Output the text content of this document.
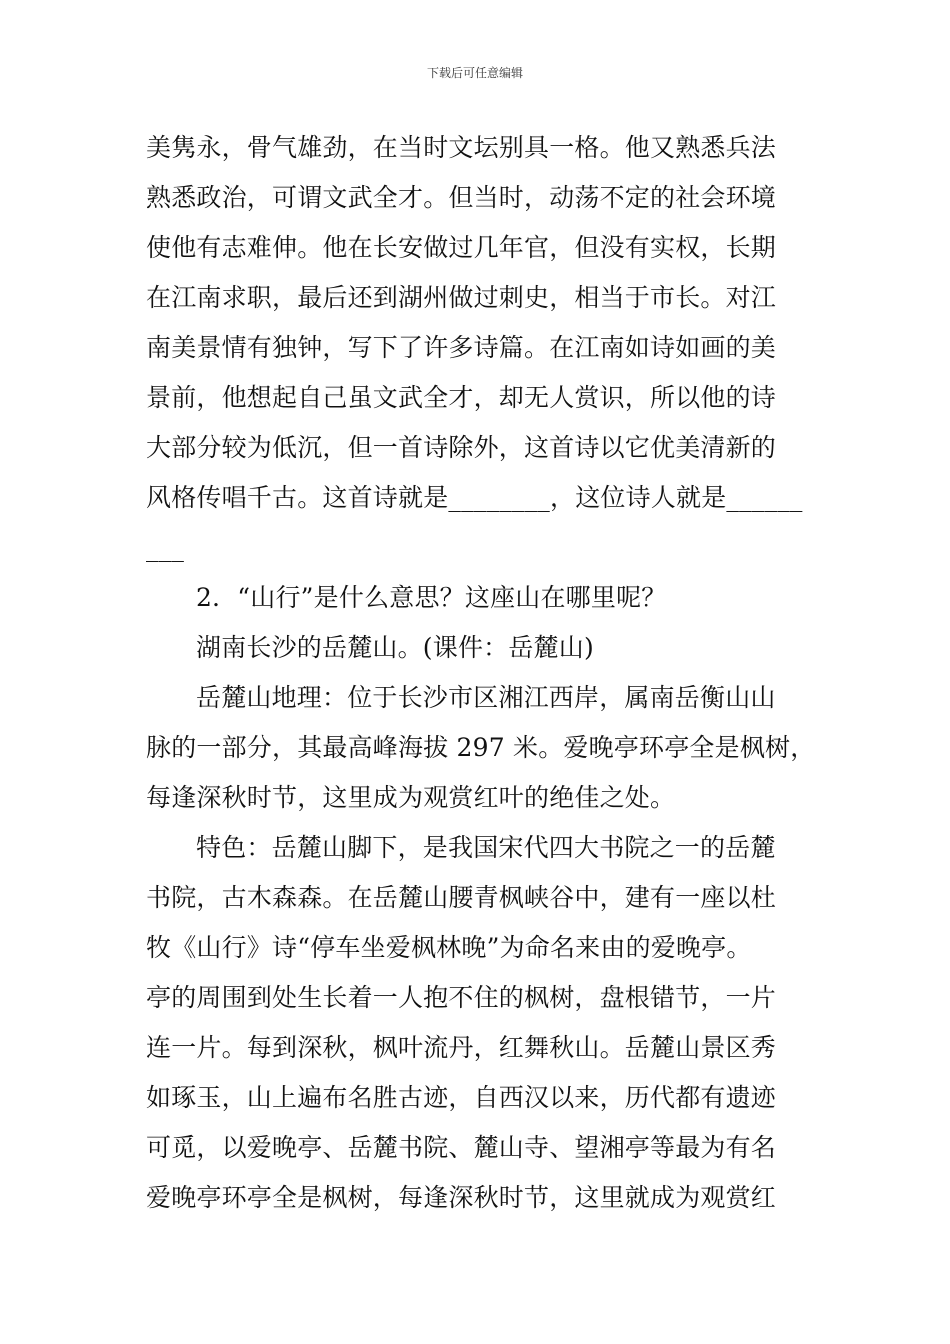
下载后可任意编辑
美隽永，骨气雄劲，在当时文坛别具一格。他又熟悉兵法
熟悉政治，可谓文武全才。但当时，动荡不定的社会环境
使他有志难伸。他在长安做过几年官，但没有实权，长期
在江南求职，最后还到湖州做过刺史，相当于市长。对江
南美景情有独钟，写下了许多诗篇。在江南如诗如画的美
景前，他想起自己虽文武全才，却无人赏识，所以他的诗
大部分较为低沉，但一首诗除外，这首诗以它优美清新的
风格传唱千古。这首诗就是________，这位诗人就是______
___
2．“山行”是什么意思？这座山在哪里呢？
湖南长沙的岳麓山。(课件：岳麓山)
岳麓山地理：位于长沙市区湘江西岸，属南岳衡山山
脉的一部分，其最高峰海拔 297 米。爱晚亭环亭全是枫树，
每逢深秋时节，这里成为观赏红叶的绝佳之处。
特色：岳麓山脚下，是我国宋代四大书院之一的岳麓
书院，古木森森。在岳麓山腰青枫峡谷中，建有一座以杜
牧《山行》诗“停车坐爱枫林晚”为命名来由的爱晚亭。
亭的周围到处生长着一人抱不住的枫树，盘根错节，一片
连一片。每到深秋，枫叶流丹，红舞秋山。岳麓山景区秀
如琢玉，山上遍布名胜古迹，自西汉以来，历代都有遗迹
可觅，以爱晚亭、岳麓书院、麓山寺、望湘亭等最为有名
爱晚亭环亭全是枫树，每逢深秋时节，这里就成为观赏红
